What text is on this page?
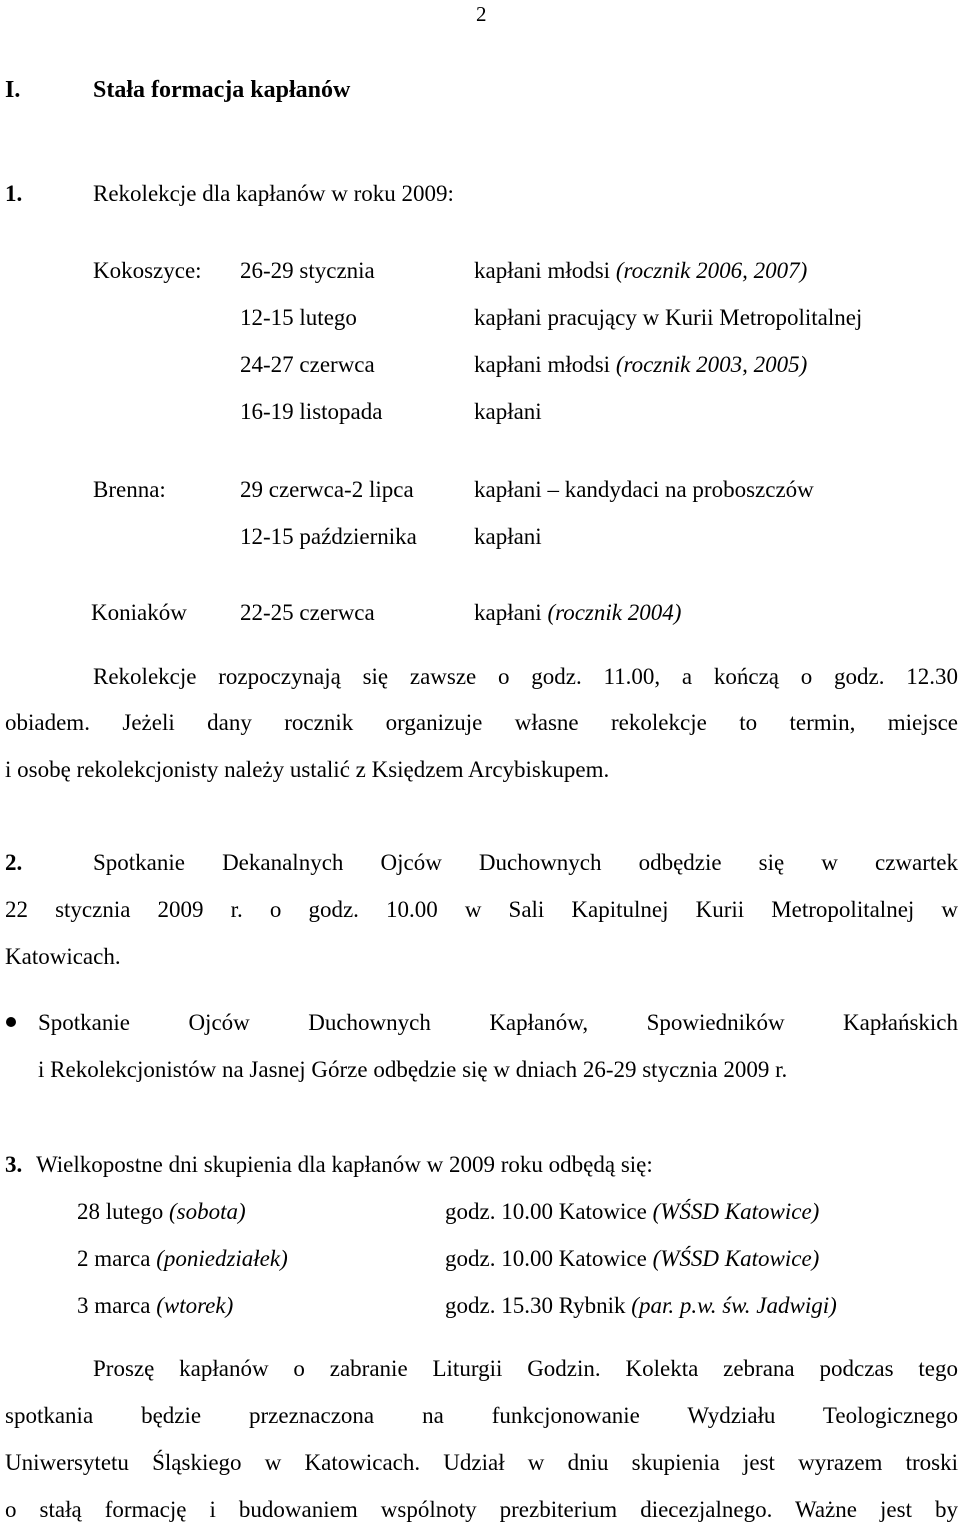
2
I.	Stała formacja kapłanów
1.	Rekolekcje dla kapłanów w roku 2009:
Kokoszyce: 26-29 stycznia	kapłani młodsi (rocznik 2006, 2007)
12-15 lutego	kapłani pracujący w Kurii Metropolitalnej
24-27 czerwca	kapłani młodsi (rocznik 2003, 2005)
16-19 listopada	kapłani
Brenna:	29 czerwca-2 lipca	kapłani – kandydaci na proboszczów
12-15 października kapłani
Koniaków 22-25 czerwca	kapłani (rocznik 2004)
Rekolekcje rozpoczynają się zawsze o godz. 11.00, a kończą o godz. 12.30
obiadem. Jeżeli dany rocznik organizuje własne rekolekcje to termin, miejsce
i osobę rekolekcjonisty należy ustalić z Księdzem Arcybiskupem.
2.	Spotkanie Dekanalnych Ojców Duchownych odbędzie się w czwartek
22 stycznia 2009 r. o godz. 10.00 w Sali Kapitulnej Kurii Metropolitalnej w
Katowicach.
Spotkanie Ojców Duchownych Kapłanów, Spowiedników Kapłańskich
i Rekolekcjonistów na Jasnej Górze odbędzie się w dniach 26-29 stycznia 2009 r.
3. Wielkopostne dni skupienia dla kapłanów w 2009 roku odbędą się:
28 lutego (sobota)	godz. 10.00 Katowice (WŚSD Katowice)
2 marca (poniedziałek)	godz. 10.00 Katowice (WŚSD Katowice)
3 marca (wtorek)	godz. 15.30 Rybnik (par. p.w. św. Jadwigi)
Proszę kapłanów o zabranie Liturgii Godzin. Kolekta zebrana podczas tego
spotkania będzie przeznaczona na funkcjonowanie Wydziału Teologicznego
Uniwersytetu Śląskiego w Katowicach. Udział w dniu skupienia jest wyrazem troski
o stałą formację i budowaniem wspólnoty prezbiterium diecezjalnego. Ważne jest by
